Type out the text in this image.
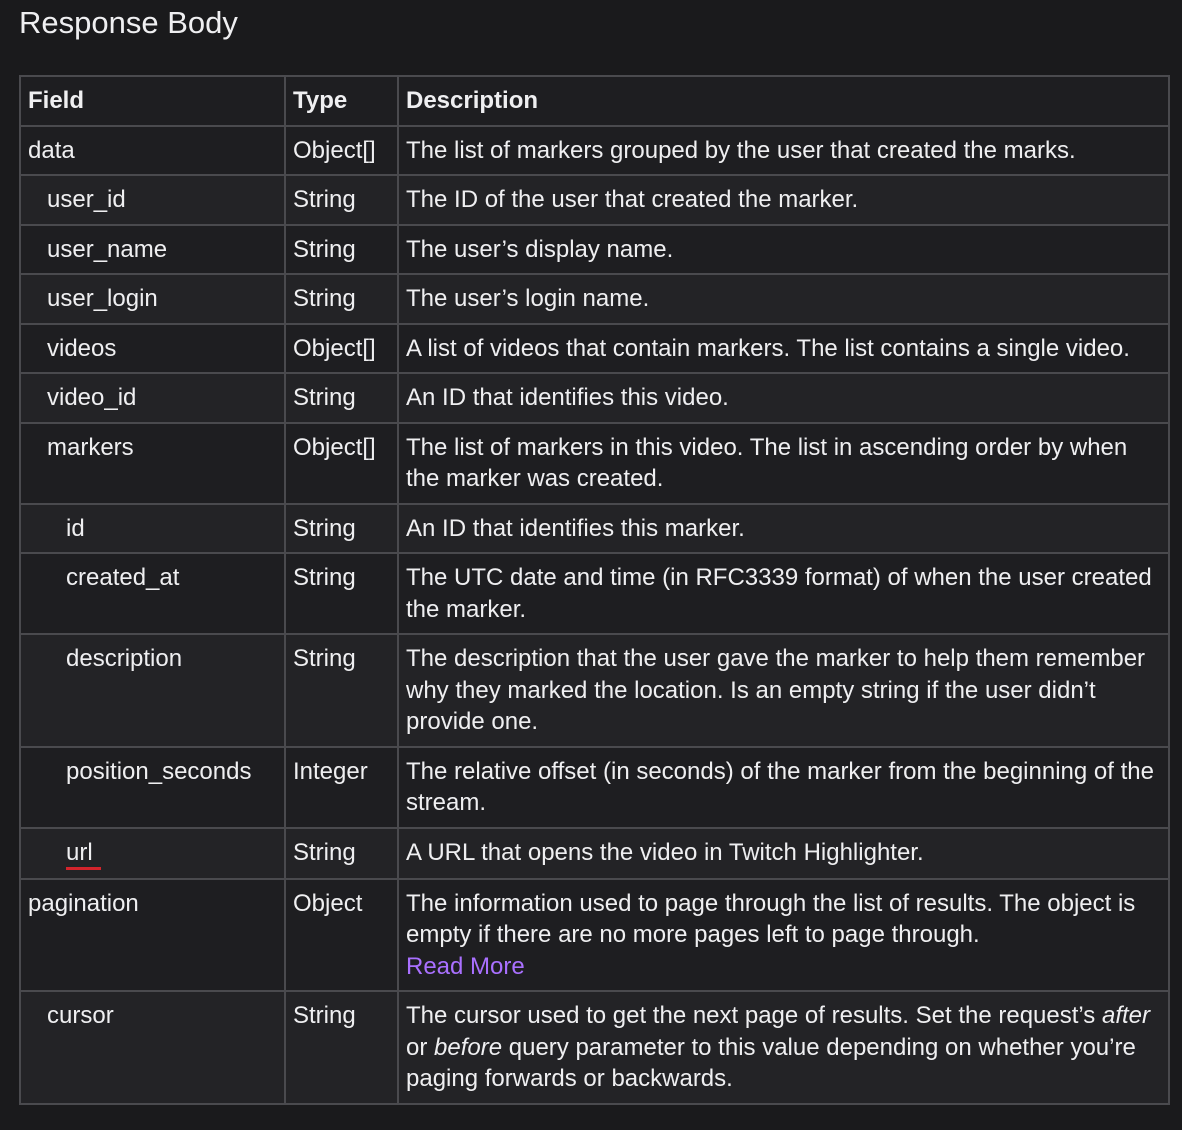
Response Body
Field	Type	Description
data	Object[]	The list of markers grouped by the user that created the marks.
user_id	String	The ID of the user that created the marker.
user_name	String	The user’s display name.
user_login	String	The user’s login name.
videos	Object[]	A list of videos that contain markers. The list contains a single video.
video_id	String	An ID that identifies this video.
markers	Object[]	The list of markers in this video. The list in ascending order by when the marker was created.
id	String	An ID that identifies this marker.
created_at	String	The UTC date and time (in RFC3339 format) of when the user created the marker.
description	String	The description that the user gave the marker to help them remember why they marked the location. Is an empty string if the user didn’t provide one.
position_seconds	Integer	The relative offset (in seconds) of the marker from the beginning of the stream.
url	String	A URL that opens the video in Twitch Highlighter.
pagination	Object	The information used to page through the list of results. The object is empty if there are no more pages left to page through.
Read More
cursor	String	The cursor used to get the next page of results. Set the request’s after or before query parameter to this value depending on whether you’re paging forwards or backwards.
